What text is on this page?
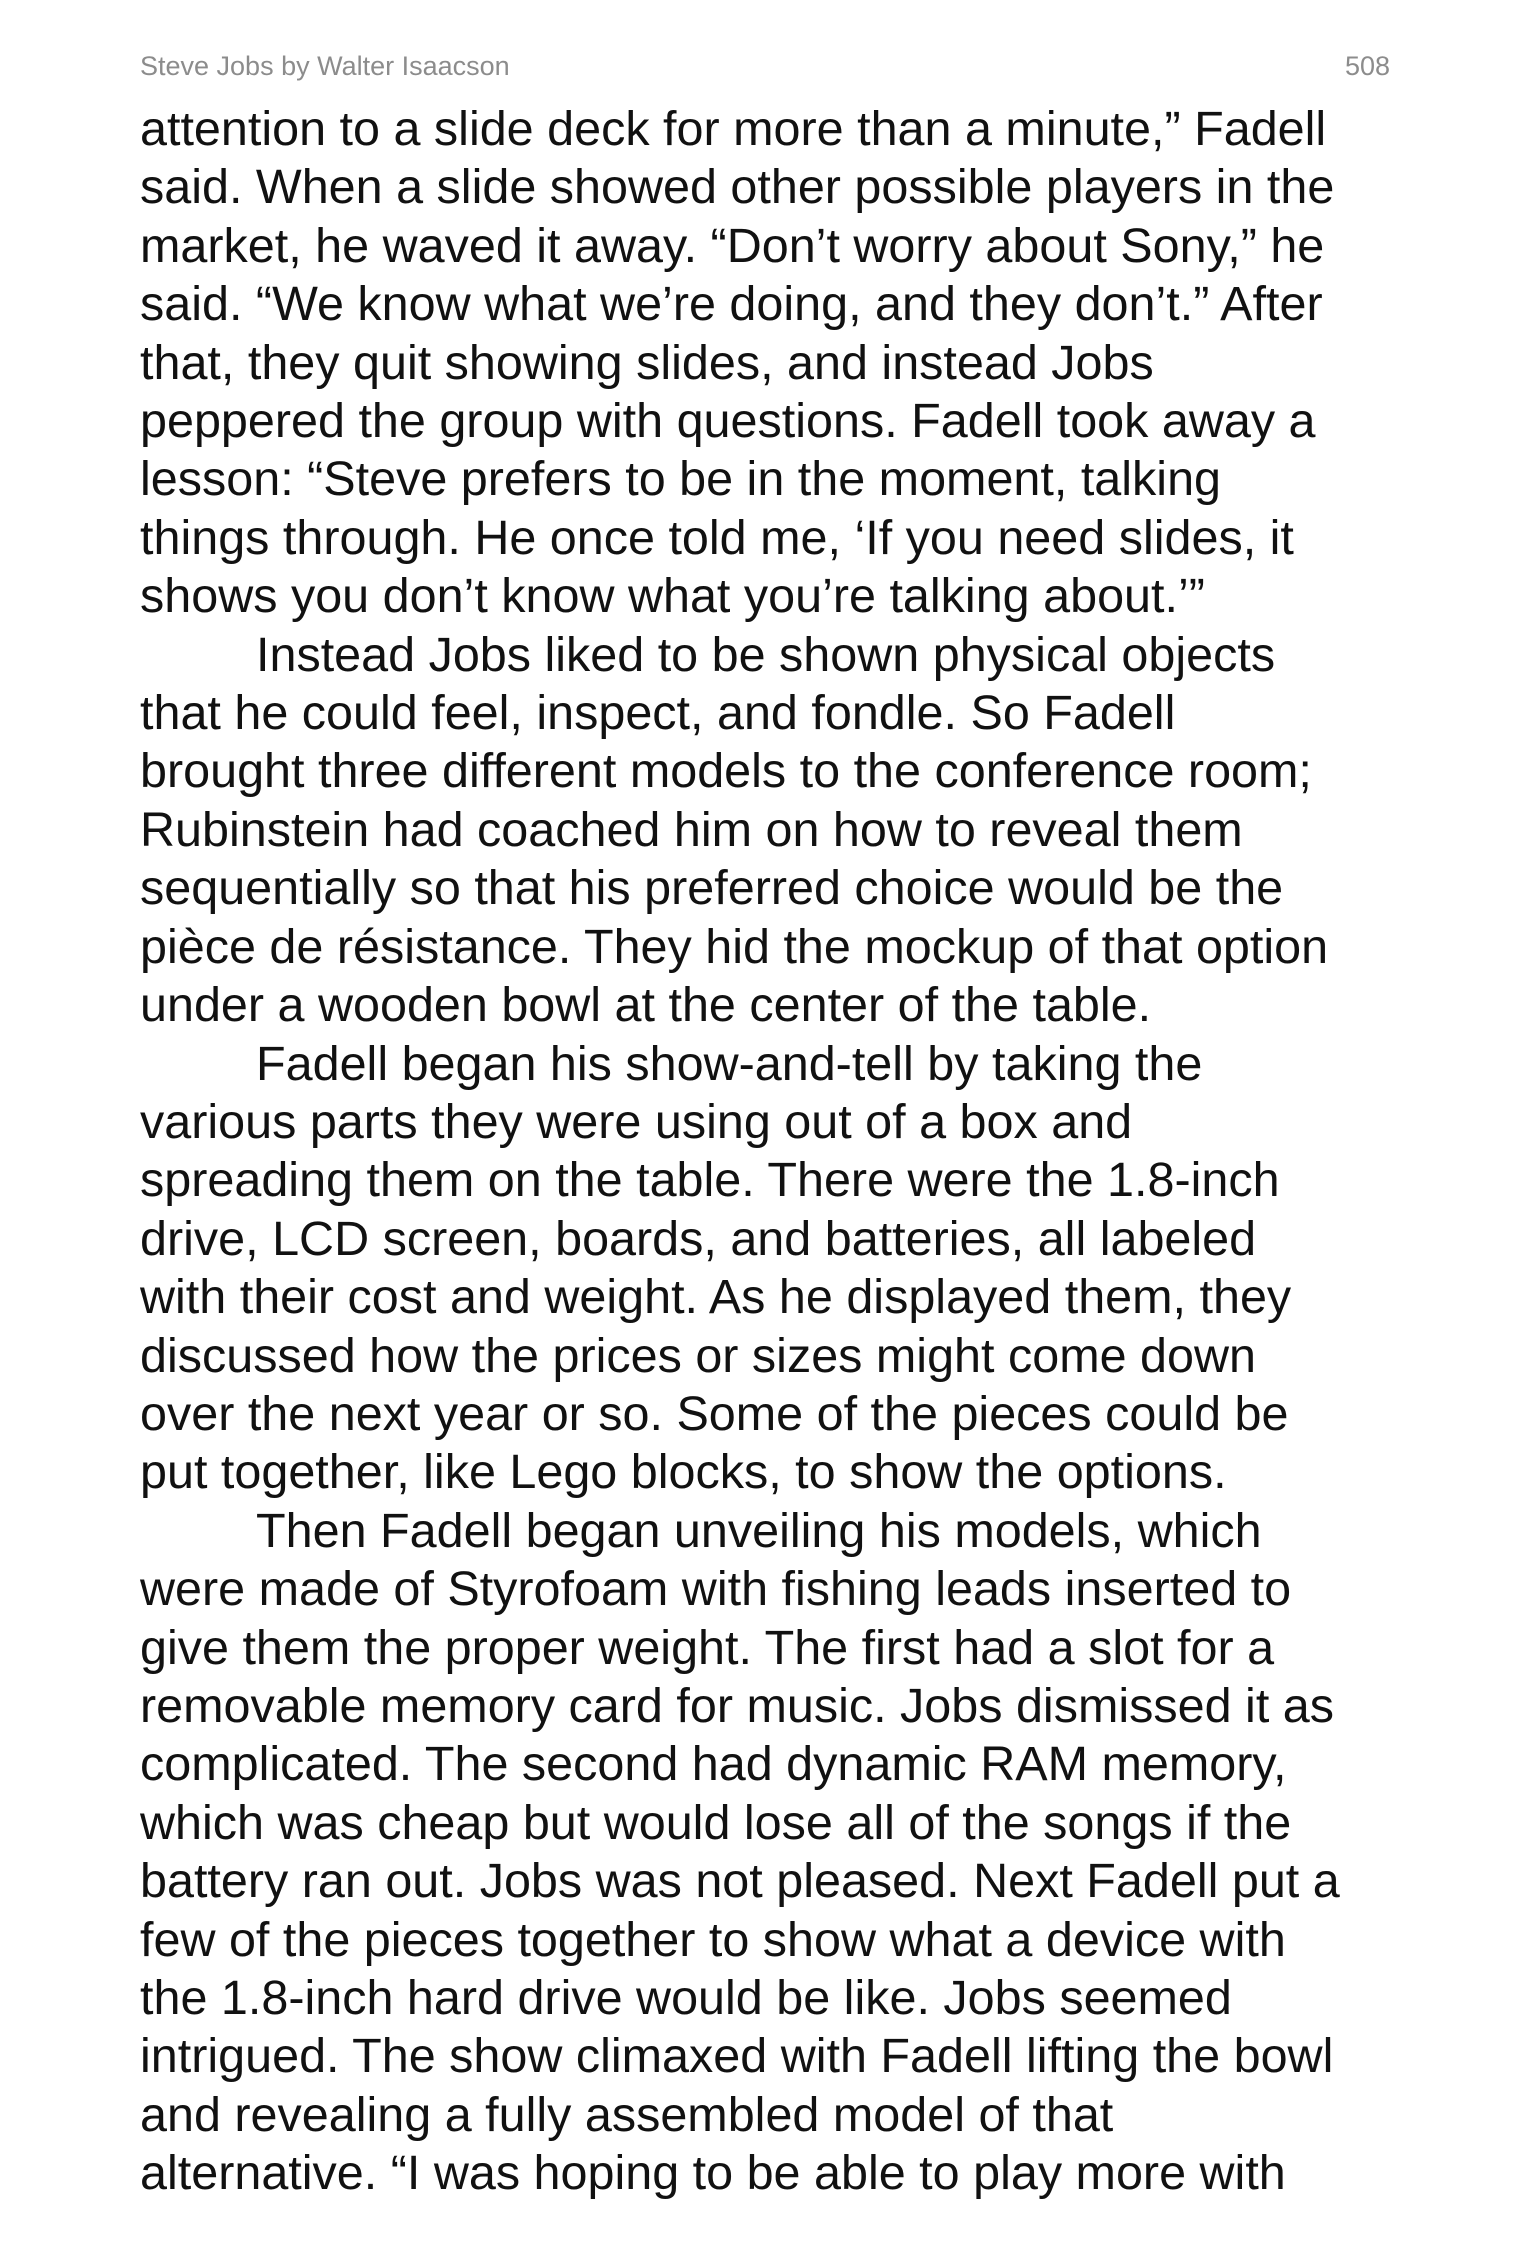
Steve Jobs by Walter Isaacson	508
attention to a slide deck for more than a minute,” Fadell
said. When a slide showed other possible players in the
market, he waved it away. “Don’t worry about Sony,” he
said. “We know what we’re doing, and they don’t.” After
that, they quit showing slides, and instead Jobs
peppered the group with questions. Fadell took away a
lesson: “Steve prefers to be in the moment, talking
things through. He once told me, ‘If you need slides, it
shows you don’t know what you’re talking about.’”
Instead Jobs liked to be shown physical objects
that he could feel, inspect, and fondle. So Fadell
brought three different models to the conference room;
Rubinstein had coached him on how to reveal them
sequentially so that his preferred choice would be the
pièce de résistance. They hid the mockup of that option
under a wooden bowl at the center of the table.
Fadell began his show-and-tell by taking the
various parts they were using out of a box and
spreading them on the table. There were the 1.8-inch
drive, LCD screen, boards, and batteries, all labeled
with their cost and weight. As he displayed them, they
discussed how the prices or sizes might come down
over the next year or so. Some of the pieces could be
put together, like Lego blocks, to show the options.
Then Fadell began unveiling his models, which
were made of Styrofoam with fishing leads inserted to
give them the proper weight. The first had a slot for a
removable memory card for music. Jobs dismissed it as
complicated. The second had dynamic RAM memory,
which was cheap but would lose all of the songs if the
battery ran out. Jobs was not pleased. Next Fadell put a
few of the pieces together to show what a device with
the 1.8-inch hard drive would be like. Jobs seemed
intrigued. The show climaxed with Fadell lifting the bowl
and revealing a fully assembled model of that
alternative. “I was hoping to be able to play more with
